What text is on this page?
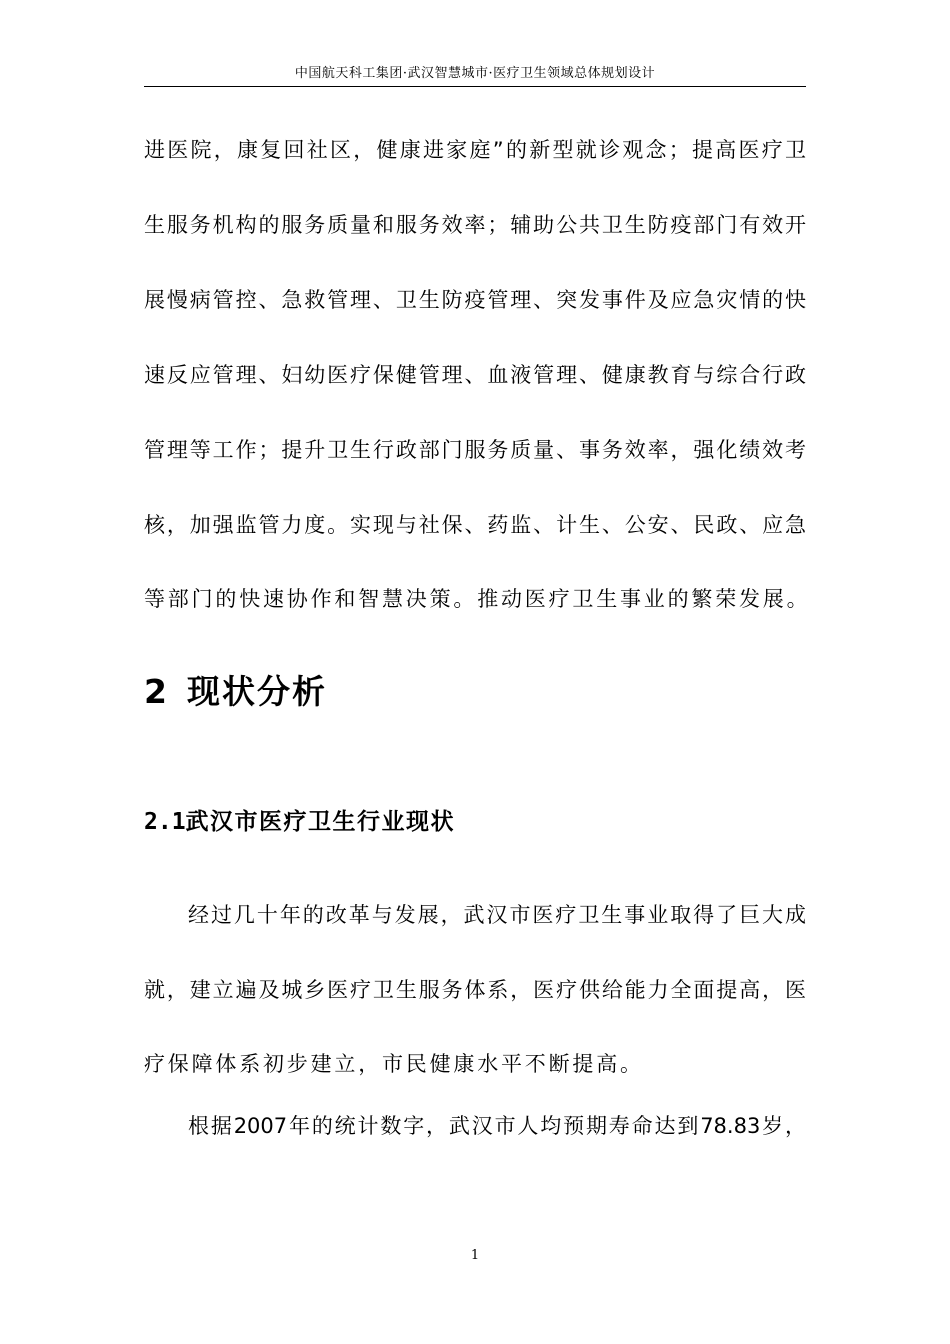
中国航天科工集团·武汉智慧城市·医疗卫生领域总体规划设计
进医院，康复回社区，健康进家庭”的新型就诊观念；提高医疗卫
生服务机构的服务质量和服务效率；辅助公共卫生防疫部门有效开
展慢病管控、急救管理、卫生防疫管理、突发事件及应急灾情的快
速反应管理、妇幼医疗保健管理、血液管理、健康教育与综合行政
管理等工作；提升卫生行政部门服务质量、事务效率，强化绩效考
核，加强监管力度。实现与社保、药监、计生、公安、民政、应急
等部门的快速协作和智慧决策。推动医疗卫生事业的繁荣发展。
2 现状分析
2.1武汉市医疗卫生行业现状
经过几十年的改革与发展，武汉市医疗卫生事业取得了巨大成
就，建立遍及城乡医疗卫生服务体系，医疗供给能力全面提高，医
疗保障体系初步建立，市民健康水平不断提高。
根据2007年的统计数字，武汉市人均预期寿命达到78.83岁，
1
